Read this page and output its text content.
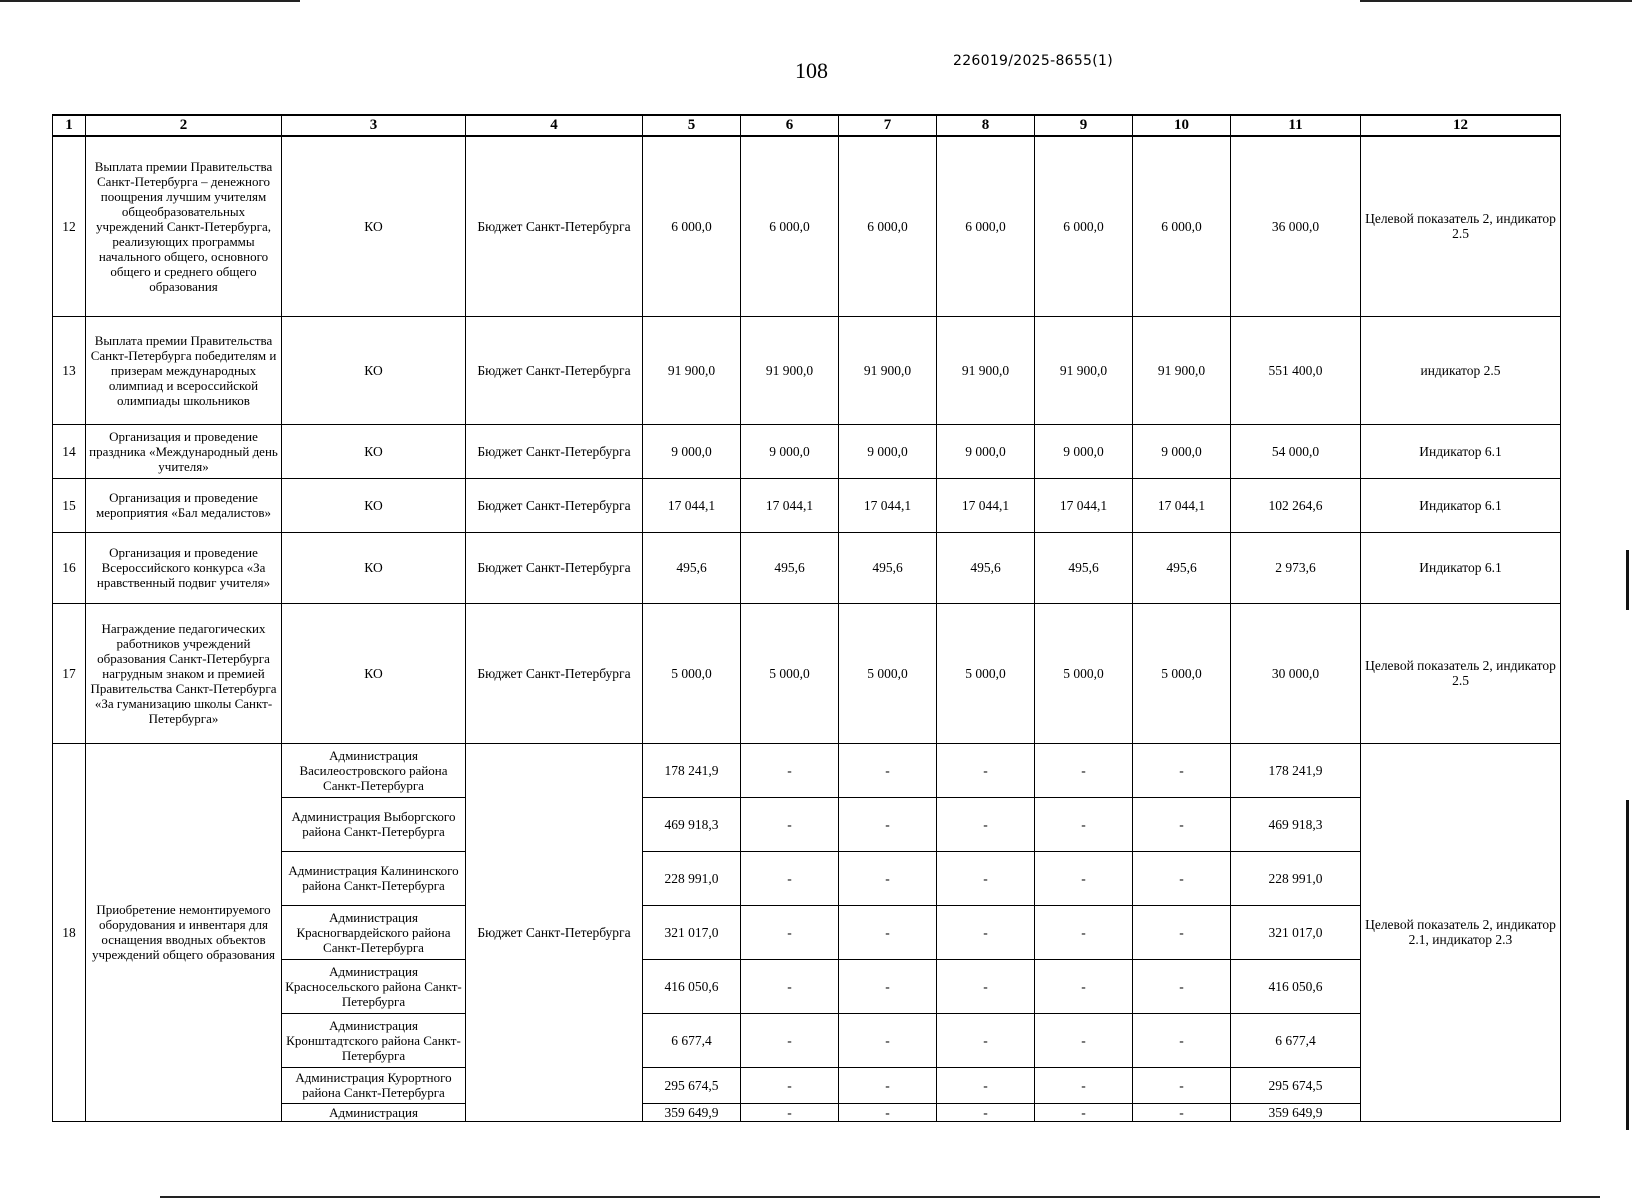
108	226019/2025-8655(1)
1	2	3	4	5	6	7	8	9	10	11	12
12	Выплата премии Правительства Санкт-Петербурга – денежного поощрения лучшим учителям общеобразовательных учреждений Санкт-Петербурга, реализующих программы начального общего, основного общего и среднего общего образования	КО	Бюджет Санкт-Петербурга	6 000,0	6 000,0	6 000,0	6 000,0	6 000,0	6 000,0	36 000,0	Целевой показатель 2, индикатор 2.5
13	Выплата премии Правительства Санкт-Петербурга победителям и призерам международных олимпиад и всероссийской олимпиады школьников	КО	Бюджет Санкт-Петербурга	91 900,0	91 900,0	91 900,0	91 900,0	91 900,0	91 900,0	551 400,0	индикатор 2.5
14	Организация и проведение праздника «Международный день учителя»	КО	Бюджет Санкт-Петербурга	9 000,0	9 000,0	9 000,0	9 000,0	9 000,0	9 000,0	54 000,0	Индикатор 6.1
15	Организация и проведение мероприятия «Бал медалистов»	КО	Бюджет Санкт-Петербурга	17 044,1	17 044,1	17 044,1	17 044,1	17 044,1	17 044,1	102 264,6	Индикатор 6.1
16	Организация и проведение Всероссийского конкурса «За нравственный подвиг учителя»	КО	Бюджет Санкт-Петербурга	495,6	495,6	495,6	495,6	495,6	495,6	2 973,6	Индикатор 6.1
17	Награждение педагогических работников учреждений образования Санкт-Петербурга нагрудным знаком и премией Правительства Санкт-Петербурга «За гуманизацию школы Санкт-Петербурга»	КО	Бюджет Санкт-Петербурга	5 000,0	5 000,0	5 000,0	5 000,0	5 000,0	5 000,0	30 000,0	Целевой показатель 2, индикатор 2.5
18	Приобретение немонтируемого оборудования и инвентаря для оснащения вводных объектов учреждений общего образования	Администрация Василеостровского района Санкт-Петербурга	Бюджет Санкт-Петербурга	178 241,9	-	-	-	-	-	178 241,9	Целевой показатель 2, индикатор 2.1, индикатор 2.3
		Администрация Выборгского района Санкт-Петербурга		469 918,3	-	-	-	-	-	469 918,3	
		Администрация Калининского района Санкт-Петербурга		228 991,0	-	-	-	-	-	228 991,0	
		Администрация Красногвардейского района Санкт-Петербурга		321 017,0	-	-	-	-	-	321 017,0	
		Администрация Красносельского района Санкт-Петербурга		416 050,6	-	-	-	-	-	416 050,6	
		Администрация Кронштадтского района Санкт-Петербурга		6 677,4	-	-	-	-	-	6 677,4	
		Администрация Курортного района Санкт-Петербурга		295 674,5	-	-	-	-	-	295 674,5	
		Администрация		359 649,9	-	-	-	-	-	359 649,9	
